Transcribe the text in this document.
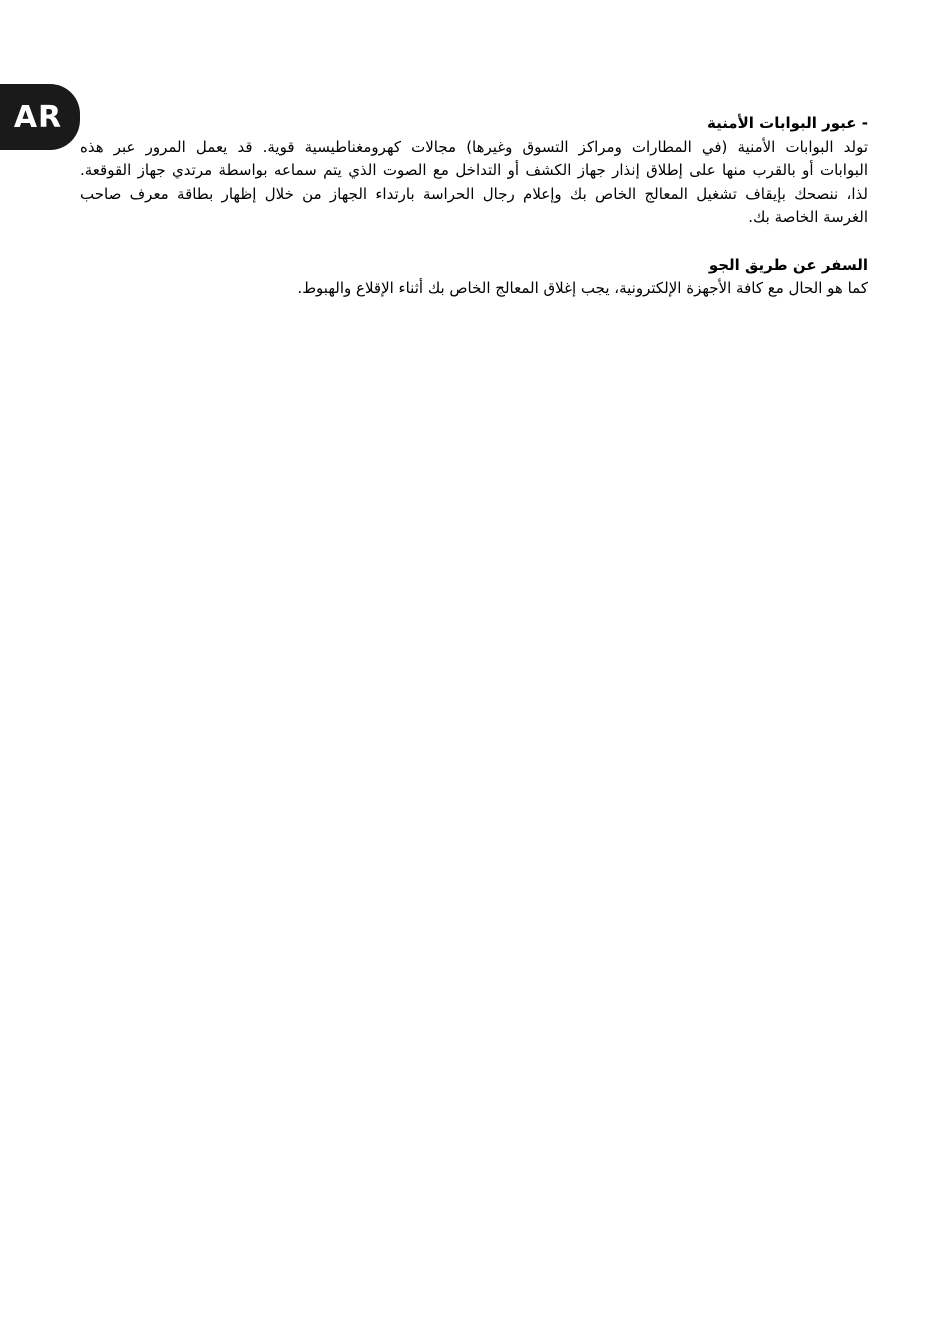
AR	- عبور البوابات الأمنية

تولد البوابات الأمنية (في المطارات ومراكز التسوق وغيرها) مجالات كهرومغناطيسية قوية. قد يعمل المرور عبر هذه
البوابات أو بالقرب منها على إطلاق إنذار جهاز الكشف أو التداخل مع الصوت الذي يتم سماعه بواسطة مرتدي جهاز القوقعة.
لذا، ننصحك بإيقاف تشغيل المعالج الخاص بك وإعلام رجال الحراسة بارتداء الجهاز من خلال إظهار بطاقة معرف صاحب
الغرسة الخاصة بك.

السفر عن طريق الجو

كما هو الحال مع كافة الأجهزة الإلكترونية، يجب إغلاق المعالج الخاص بك أثناء الإقلاع والهبوط.
